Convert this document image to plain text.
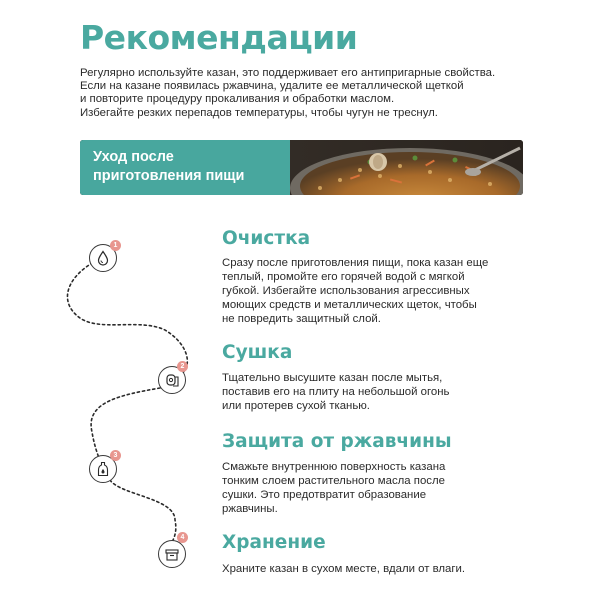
Рекомендации
Регулярно используйте казан, это поддерживает его антипригарные свойства.
Если на казане появилась ржавчина, удалите ее металлической щеткой
и повторите процедуру прокаливания и обработки маслом.
Избегайте резких перепадов температуры, чтобы чугун не треснул.
Уход после
приготовления пищи
1
2
3
4
Очистка
Сразу после приготовления пищи, пока казан еще
теплый, промойте его горячей водой с мягкой
губкой. Избегайте использования агрессивных
моющих средств и металлических щеток, чтобы
не повредить защитный слой.
Сушка
Тщательно высушите казан после мытья,
поставив его на плиту на небольшой огонь
или протерев сухой тканью.
Защита от ржавчины
Смажьте внутреннюю поверхность казана
тонким слоем растительного масла после
сушки. Это предотвратит образование
ржавчины.
Хранение
Храните казан в сухом месте, вдали от влаги.
